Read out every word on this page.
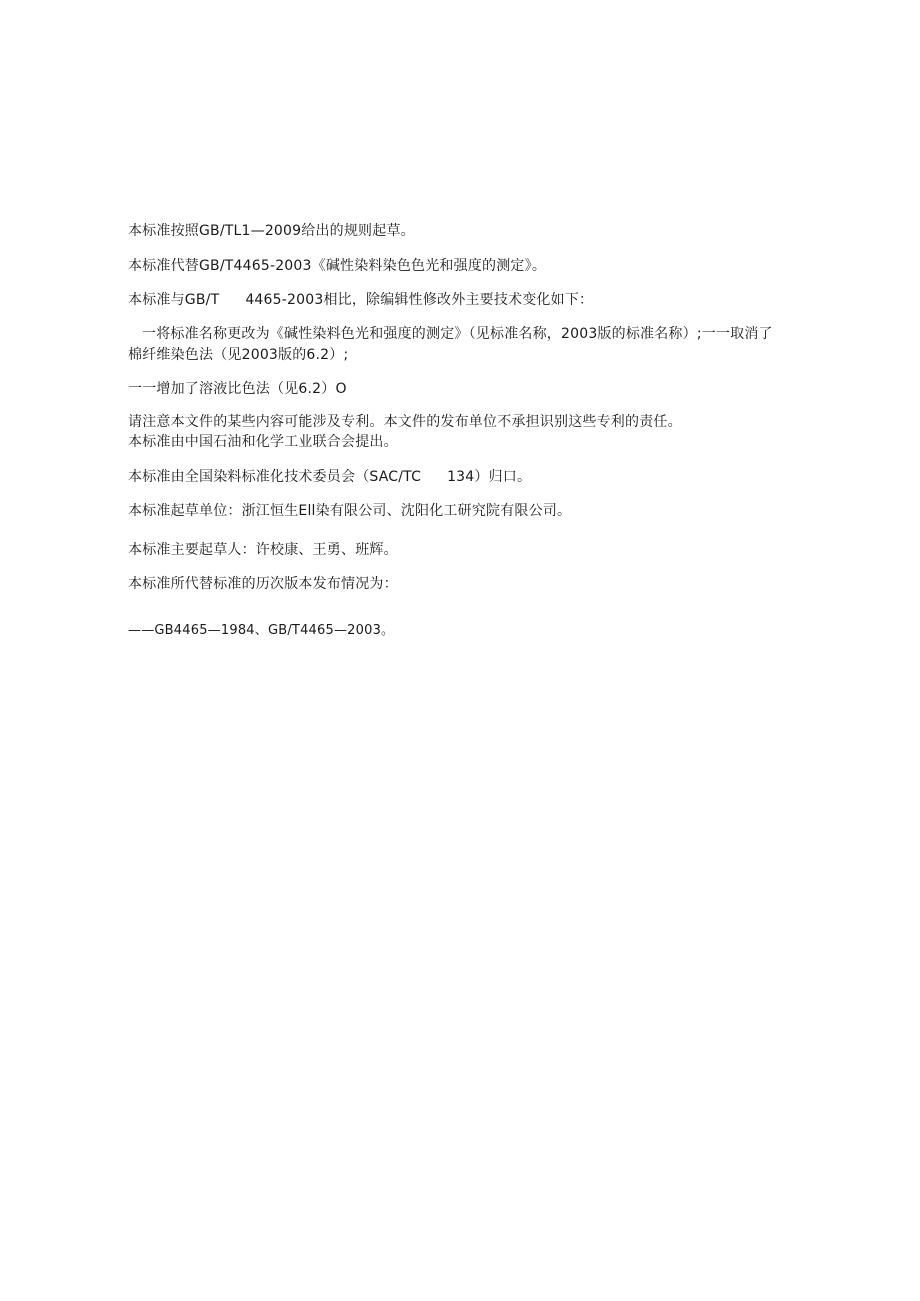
本标准按照GB/TL1—2009给出的规则起草。
本标准代替GB/T4465-2003《碱性染料染色色光和强度的测定》。
本标准与GB/T 4465-2003相比，除编辑性修改外主要技术变化如下：
一将标准名称更改为《碱性染料色光和强度的测定》（见标准名称，2003版的标准名称）;一一取消了
棉纤维染色法（见2003版的6.2）;
一一增加了溶液比色法（见6.2）O
请注意本文件的某些内容可能涉及专利。本文件的发布单位不承担识别这些专利的责任。
本标准由中国石油和化学工业联合会提出。
本标准由全国染料标准化技术委员会（SAC/TC 134）归口。
本标准起草单位：浙江恒生Ell染有限公司、沈阳化工研究院有限公司。
本标准主要起草人：许校康、王勇、班辉。
本标准所代替标准的历次版本发布情况为：
——GB4465—1984、GB/T4465—2003。
